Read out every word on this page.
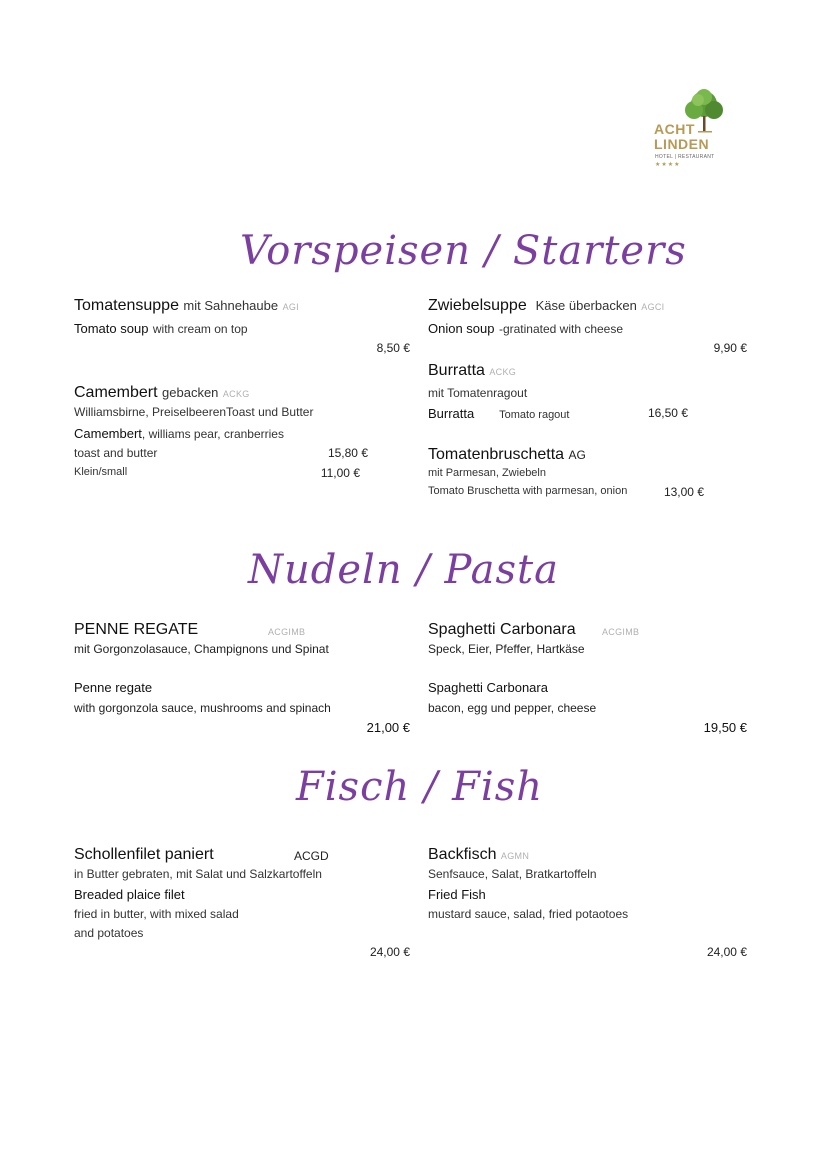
ACHT
LINDEN
HOTEL | RESTAURANT
★★★★
Vorspeisen / Starters
Tomatensuppe mit Sahnehaube AGI
Tomato soup with cream on top
8,50 €
Zwiebelsuppe Käse überbacken AGCI
Onion soup -gratinated with cheese
9,90 €
Camembert gebacken ACKG
Williamsbirne, PreiselbeerenToast und Butter
Camembert, williams pear, cranberries
toast and butter	15,80 €
Klein/small	11,00 €
Burratta ACKG
mit Tomatenragout
Burratta Tomato ragout	16,50 €
Tomatenbruschetta AG
mit Parmesan, Zwiebeln
Tomato Bruschetta with parmesan, onion	13,00 €
Nudeln / Pasta
PENNE REGATE	ACGIMB
mit Gorgonzolasauce, Champignons und Spinat
Penne regate
with gorgonzola sauce, mushrooms and spinach
21,00 €
Spaghetti Carbonara	ACGIMB
Speck, Eier, Pfeffer, Hartkäse
Spaghetti Carbonara
bacon, egg und pepper, cheese
19,50 €
Fisch / Fish
Schollenfilet paniert	ACGD
in Butter gebraten, mit Salat und Salzkartoffeln
Breaded plaice filet
fried in butter, with mixed salad
and potatoes
24,00 €
Backfisch AGMN
Senfsauce, Salat, Bratkartoffeln
Fried Fish
mustard sauce, salad, fried potaotoes
24,00 €
